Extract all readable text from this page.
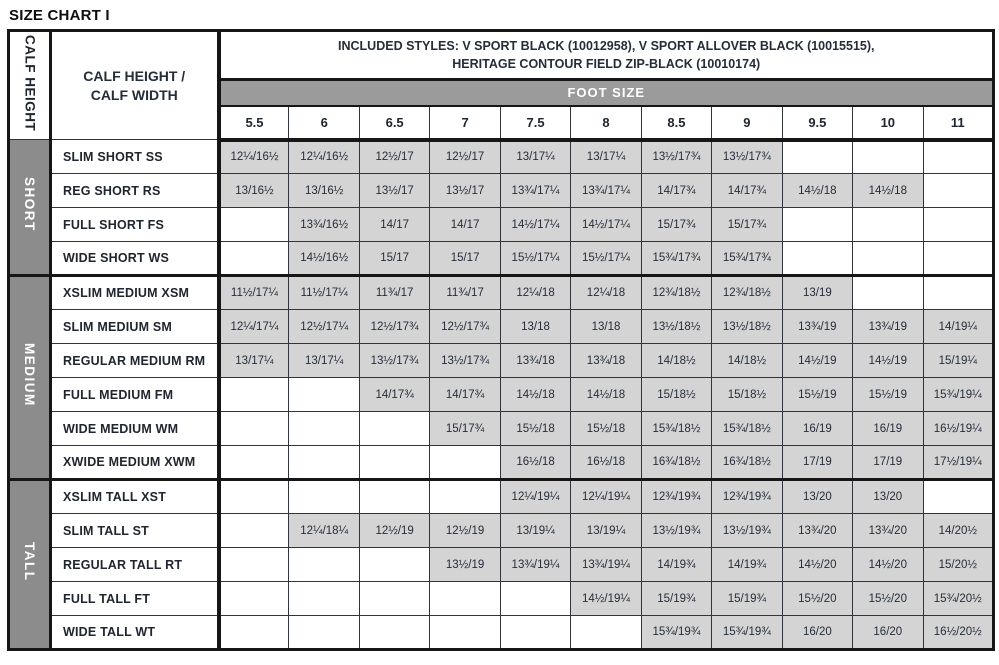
SIZE CHART I
CALF HEIGHT	CALF HEIGHT / CALF WIDTH	INCLUDED STYLES: V SPORT BLACK (10012958), V SPORT ALLOVER BLACK (10015515),
HERITAGE CONTOUR FIELD ZIP-BLACK (10010174)										

		FOOT SIZE										
		5.5	6	6.5	7	7.5	8	8.5	9	9.5	10	11
SHORT	SLIM SHORT SS	12¼/16½	12¼/16½	12½/17	12½/17	13/17¼	13/17¼	13½/17¾	13½/17¾			
	REG SHORT RS	13/16½	13/16½	13½/17	13½/17	13¾/17¼	13¾/17¼	14/17¾	14/17¾	14½/18	14½/18	
	FULL SHORT FS		13¾/16½	14/17	14/17	14½/17¼	14½/17¼	15/17¾	15/17¾			
	WIDE SHORT WS		14½/16½	15/17	15/17	15½/17¼	15½/17¼	15¾/17¾	15¾/17¾			
MEDIUM	XSLIM MEDIUM XSM	11½/17¼	11½/17¼	11¾/17	11¾/17	12¼/18	12¼/18	12¾/18½	12¾/18½	13/19		
	SLIM MEDIUM SM	12¼/17¼	12½/17¼	12½/17¾	12½/17¾	13/18	13/18	13½/18½	13½/18½	13¾/19	13¾/19	14/19¼
	REGULAR MEDIUM RM	13/17¼	13/17¼	13½/17¾	13½/17¾	13¾/18	13¾/18	14/18½	14/18½	14½/19	14½/19	15/19¼
	FULL MEDIUM FM			14/17¾	14/17¾	14½/18	14½/18	15/18½	15/18½	15½/19	15½/19	15¾/19¼
	WIDE MEDIUM WM				15/17¾	15½/18	15½/18	15¾/18½	15¾/18½	16/19	16/19	16½/19¼
	XWIDE MEDIUM XWM					16½/18	16½/18	16¾/18½	16¾/18½	17/19	17/19	17½/19¼
TALL	XSLIM TALL XST					12¼/19¼	12¼/19¼	12¾/19¾	12¾/19¾	13/20	13/20	
	SLIM TALL ST		12¼/18¼	12½/19	12½/19	13/19¼	13/19¼	13½/19¾	13½/19¾	13¾/20	13¾/20	14/20½
	REGULAR TALL RT				13½/19	13¾/19¼	13¾/19¼	14/19¾	14/19¾	14½/20	14½/20	15/20½
	FULL TALL FT						14½/19¼	15/19¾	15/19¾	15½/20	15½/20	15¾/20½
	WIDE TALL WT							15¾/19¾	15¾/19¾	16/20	16/20	16½/20½
